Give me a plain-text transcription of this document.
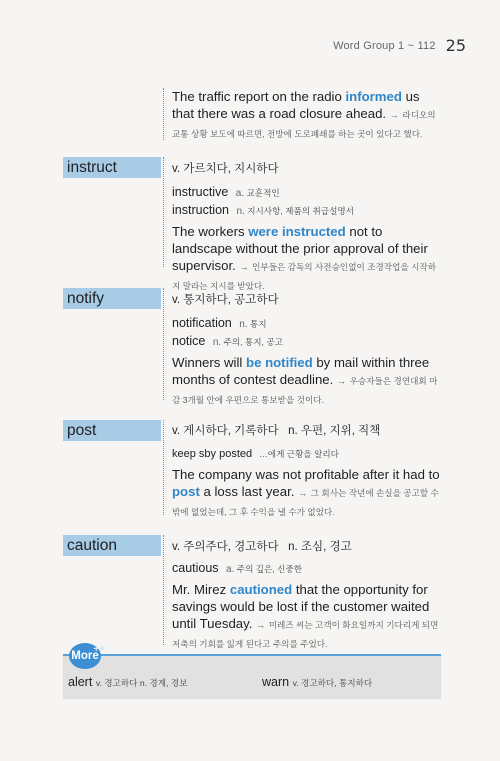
Word Group 1 ~ 112 25
The traffic report on the radio informed us that there was a road closure ahead. → 라디오의 교통 상황 보도에 따르면, 전방에 도로폐쇄를 하는 곳이 있다고 했다.
instruct	v. 가르치다, 지시하다
instructive a. 교훈적인
instruction n. 지시사항, 제품의 취급설명서
The workers were instructed not to landscape without the prior approval of their supervisor. → 인부들은 감독의 사전승인없이 조경작업을 시작하지 말라는 지시를 받았다.
notify	v. 통지하다, 공고하다
notification n. 통지
notice n. 주의, 통지, 공고
Winners will be notified by mail within three months of contest deadline. → 우승자들은 경연대회 마감 3개월 안에 우편으로 통보받을 것이다.
post	v. 게시하다, 기록하다   n. 우편, 지위, 직책
keep sby posted …에게 근황을 알리다
The company was not profitable after it had to post a loss last year. → 그 회사는 작년에 손실을 공고할 수 밖에 없었는데, 그 후 수익을 낼 수가 없었다.
caution	v. 주의주다, 경고하다   n. 조심, 경고
cautious a. 주의 깊은, 신중한
Mr. Mirez cautioned that the opportunity for savings would be lost if the customer waited until Tuesday. → 미레즈 씨는 고객이 화요일까지 기다리게 되면 저축의 기회를 잃게 된다고 주의를 주었다.
More
++
alert v. 경고하다 n. 경계, 경보	warn v. 경고하다, 통지하다
